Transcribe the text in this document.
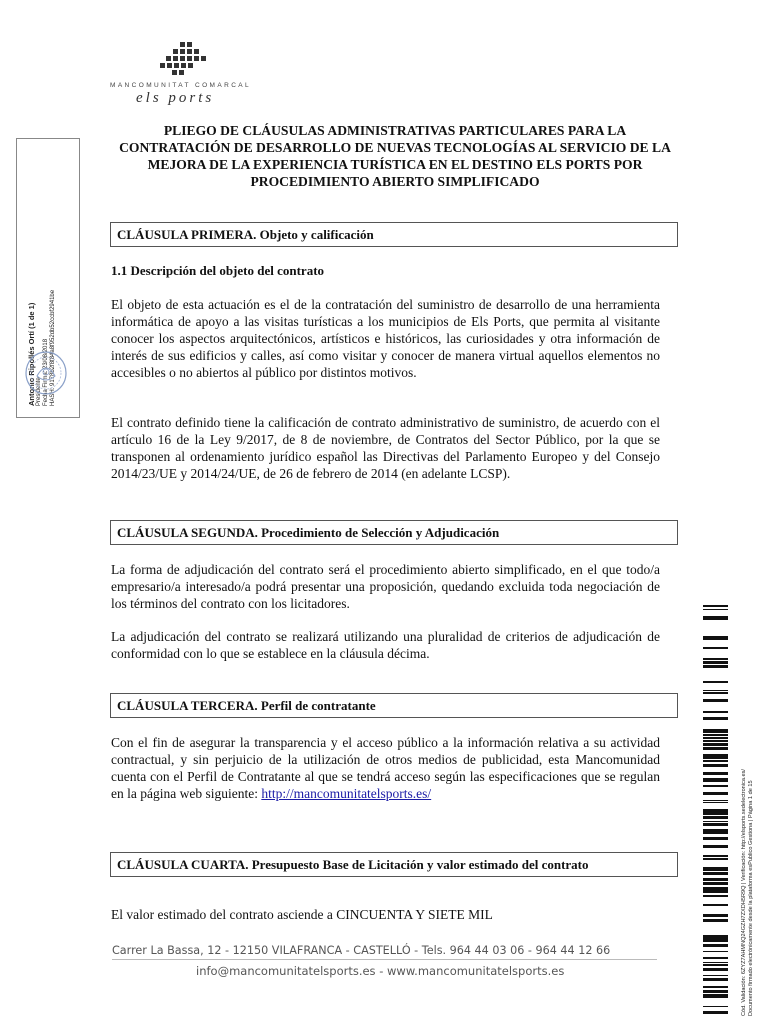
MANCOMUNITAT COMARCAL
els ports
PLIEGO DE CLÁUSULAS ADMINISTRATIVAS PARTICULARES PARA LA CONTRATACIÓN DE DESARROLLO DE NUEVAS TECNOLOGÍAS AL SERVICIO DE LA MEJORA DE LA EXPERIENCIA TURÍSTICA EN EL DESTINO ELS PORTS POR PROCEDIMIENTO ABIERTO SIMPLIFICADO
CLÁUSULA PRIMERA. Objeto y calificación

1.1 Descripción del objeto del contrato

El objeto de esta actuación es el de la contratación del suministro de desarrollo de una herramienta informática de apoyo a las visitas turísticas a los municipios de Els Ports, que permita al visitante conocer los aspectos arquitectónicos, artísticos e históricos, las curiosidades y otra información de interés de sus edificios y calles, así como visitar y conocer de manera virtual aquellos elementos no accesibles o no abiertos al público por distintos motivos.

El contrato definido tiene la calificación de contrato administrativo de suministro, de acuerdo con el artículo 16 de la Ley 9/2017, de 8 de noviembre, de Contratos del Sector Público, por la que se transponen al ordenamiento jurídico español las Directivas del Parlamento Europeo y del Consejo 2014/23/UE y 2014/24/UE, de 26 de febrero de 2014 (en adelante LCSP).

CLÁUSULA SEGUNDA. Procedimiento de Selección y Adjudicación

La forma de adjudicación del contrato será el procedimiento abierto simplificado, en el que todo/a empresario/a interesado/a podrá presentar una proposición, quedando excluida toda negociación de los términos del contrato con los licitadores.

La adjudicación del contrato se realizará utilizando una pluralidad de criterios de adjudicación de conformidad con lo que se establece en la cláusula décima.

CLÁUSULA TERCERA. Perfil de contratante

Con el fin de asegurar la transparencia y el acceso público a la información relativa a su actividad contractual, y sin perjuicio de la utilización de otros medios de publicidad, esta Mancomunidad cuenta con el Perfil de Contratante al que se tendrá acceso según las especificaciones que se regulan en la página web siguiente: http://mancomunitatelsports.es/

CLÁUSULA CUARTA. Presupuesto Base de Licitación y valor estimado del contrato

El valor estimado del contrato asciende a CINCUENTA Y SIETE MIL

Carrer La Bassa, 12 - 12150 VILAFRANCA - CASTELLÓ - Tels. 964 44 03 06 - 964 44 12 66
info@mancomunitatelsports.es - www.mancomunitatelsports.es
Antonio Ripollés Ortí (1 de 1) Presidente Fecha Firma: 23/08/2018 HASH: 9178b2f8f84a8f952db52ccbf2941be
Cód. Validación: 6ZYZ7AHMNQ24GZH7ZXDH5R9Q | Verificación: http://elsports.sedelectronica.es/ Documento firmado electrónicamente desde la plataforma esPublico Gestiona | Página 1 de 15
